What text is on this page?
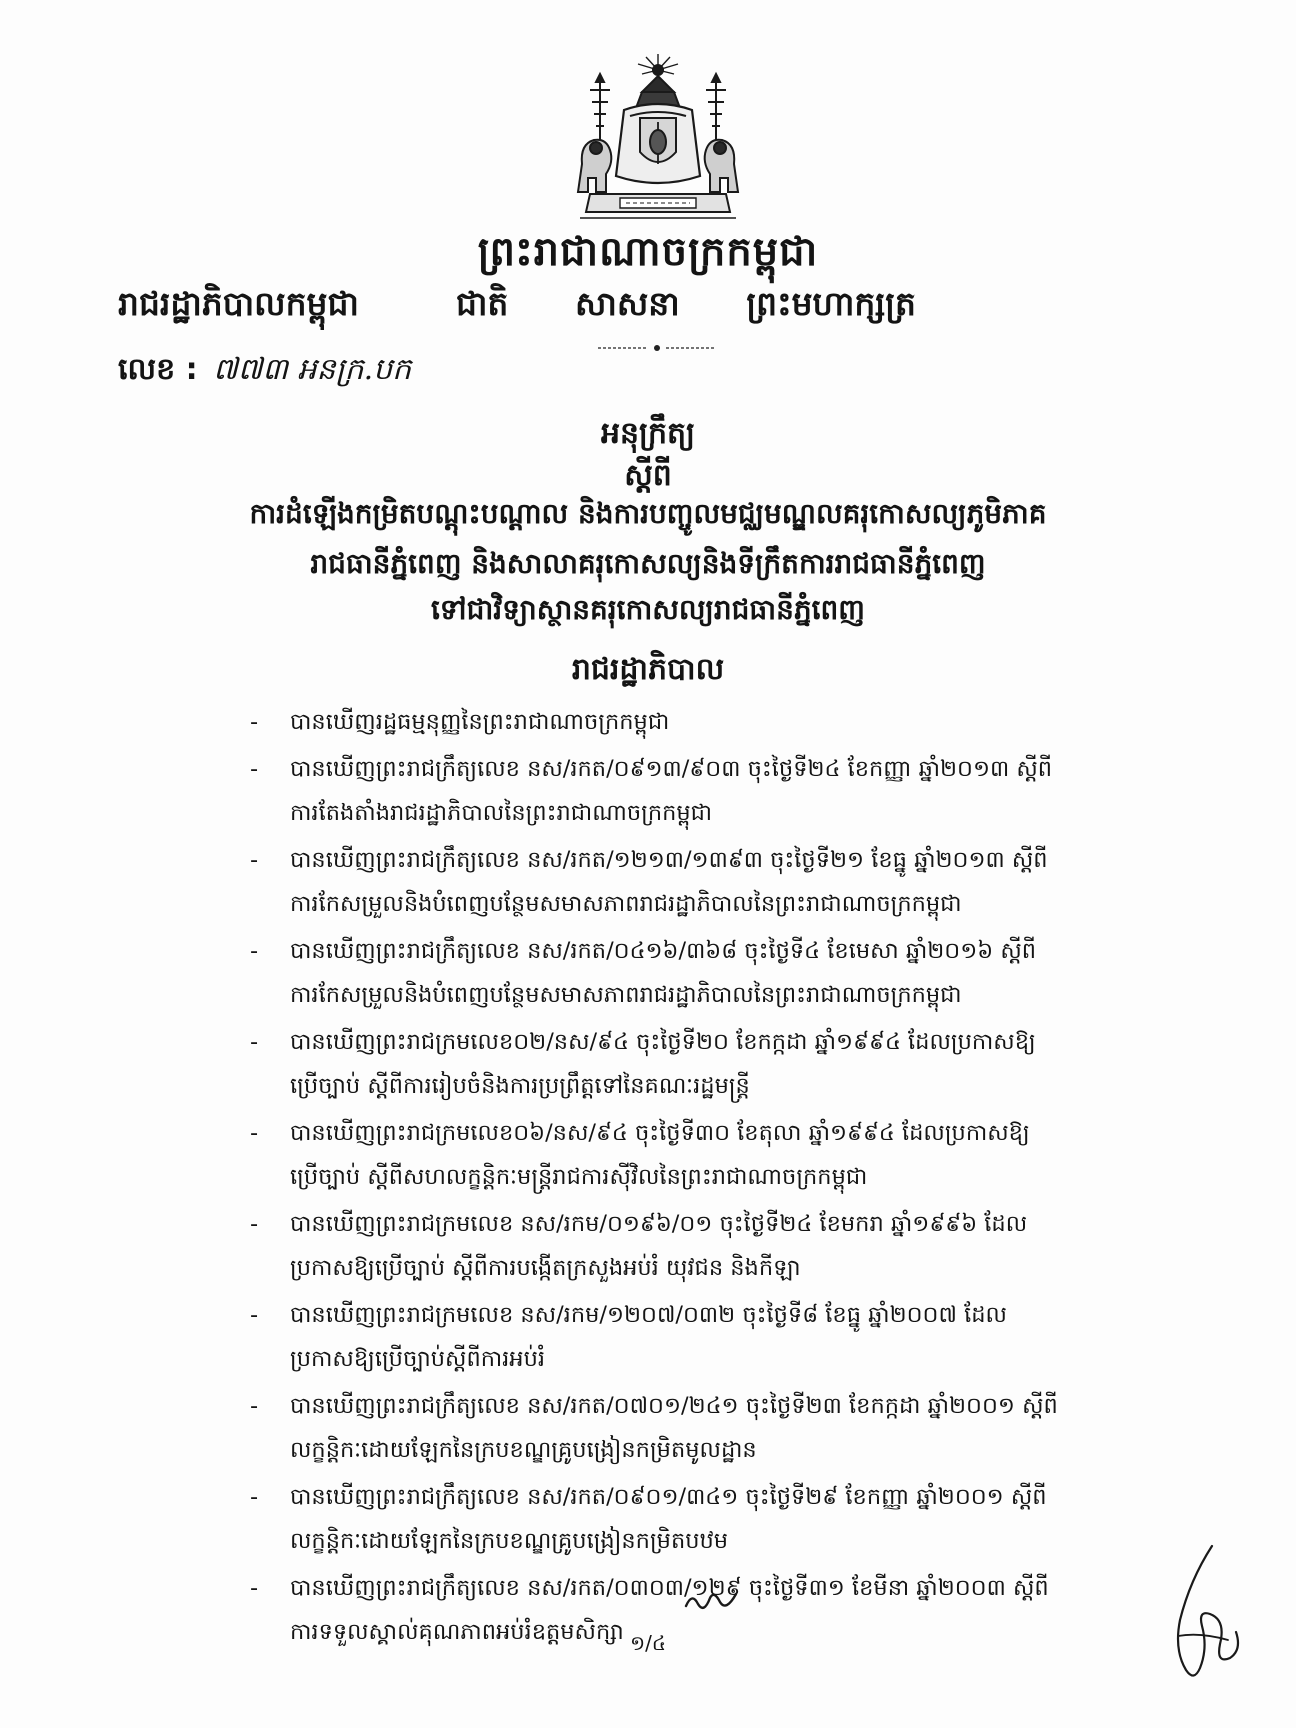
ព្រះរាជាណាចក្រកម្ពុជា
រាជរដ្ឋាភិបាលកម្ពុជា	ជាតិ សាសនា ព្រះមហាក្សត្រ
លេខ : ៧៧៣ អនក្រ.បក
អនុក្រឹត្យ
ស្តីពី
ការដំឡើងកម្រិតបណ្តុះបណ្តាល និងការបញ្ចូលមជ្ឈមណ្ឌលគរុកោសល្យភូមិភាគ
រាជធានីភ្នំពេញ និងសាលាគរុកោសល្យនិងទីក្រឹតការរាជធានីភ្នំពេញ
ទៅជាវិទ្យាស្ថានគរុកោសល្យរាជធានីភ្នំពេញ
រាជរដ្ឋាភិបាល
- បានឃើញរដ្ឋធម្មនុញ្ញនៃព្រះរាជាណាចក្រកម្ពុជា
- បានឃើញព្រះរាជក្រឹត្យលេខ នស/រកត/០៩១៣/៩០៣ ចុះថ្ងៃទី២៤ ខែកញ្ញា ឆ្នាំ២០១៣ ស្តីពី
ការតែងតាំងរាជរដ្ឋាភិបាលនៃព្រះរាជាណាចក្រកម្ពុជា
- បានឃើញព្រះរាជក្រឹត្យលេខ នស/រកត/១២១៣/១៣៩៣ ចុះថ្ងៃទី២១ ខែធ្នូ ឆ្នាំ២០១៣ ស្តីពី
ការកែសម្រួលនិងបំពេញបន្ថែមសមាសភាពរាជរដ្ឋាភិបាលនៃព្រះរាជាណាចក្រកម្ពុជា
- បានឃើញព្រះរាជក្រឹត្យលេខ នស/រកត/០៤១៦/៣៦៨ ចុះថ្ងៃទី៤ ខែមេសា ឆ្នាំ២០១៦ ស្តីពី
ការកែសម្រួលនិងបំពេញបន្ថែមសមាសភាពរាជរដ្ឋាភិបាលនៃព្រះរាជាណាចក្រកម្ពុជា
- បានឃើញព្រះរាជក្រមលេខ០២/នស/៩៤ ចុះថ្ងៃទី២០ ខែកក្កដា ឆ្នាំ១៩៩៤ ដែលប្រកាសឱ្យ
ប្រើច្បាប់ ស្តីពីការរៀបចំនិងការប្រព្រឹត្តទៅនៃគណៈរដ្ឋមន្ត្រី
- បានឃើញព្រះរាជក្រមលេខ០៦/នស/៩៤ ចុះថ្ងៃទី៣០ ខែតុលា ឆ្នាំ១៩៩៤ ដែលប្រកាសឱ្យ
ប្រើច្បាប់ ស្តីពីសហលក្ខន្តិកៈមន្ត្រីរាជការស៊ីវិលនៃព្រះរាជាណាចក្រកម្ពុជា
- បានឃើញព្រះរាជក្រមលេខ នស/រកម/០១៩៦/០១ ចុះថ្ងៃទី២៤ ខែមករា ឆ្នាំ១៩៩៦ ដែល
ប្រកាសឱ្យប្រើច្បាប់ ស្តីពីការបង្កើតក្រសួងអប់រំ យុវជន និងកីឡា
- បានឃើញព្រះរាជក្រមលេខ នស/រកម/១២០៧/០៣២ ចុះថ្ងៃទី៨ ខែធ្នូ ឆ្នាំ២០០៧ ដែល
ប្រកាសឱ្យប្រើច្បាប់ស្តីពីការអប់រំ
- បានឃើញព្រះរាជក្រឹត្យលេខ នស/រកត/០៧០១/២៤១ ចុះថ្ងៃទី២៣ ខែកក្កដា ឆ្នាំ២០០១ ស្តីពី
លក្ខន្តិកៈដោយឡែកនៃក្របខណ្ឌគ្រូបង្រៀនកម្រិតមូលដ្ឋាន
- បានឃើញព្រះរាជក្រឹត្យលេខ នស/រកត/០៩០១/៣៤១ ចុះថ្ងៃទី២៩ ខែកញ្ញា ឆ្នាំ២០០១ ស្តីពី
លក្ខន្តិកៈដោយឡែកនៃក្របខណ្ឌគ្រូបង្រៀនកម្រិតបឋម
- បានឃើញព្រះរាជក្រឹត្យលេខ នស/រកត/០៣០៣/១២៩ ចុះថ្ងៃទី៣១ ខែមីនា ឆ្នាំ២០០៣ ស្តីពី
ការទទួលស្គាល់គុណភាពអប់រំឧត្តមសិក្សា ១/៤
